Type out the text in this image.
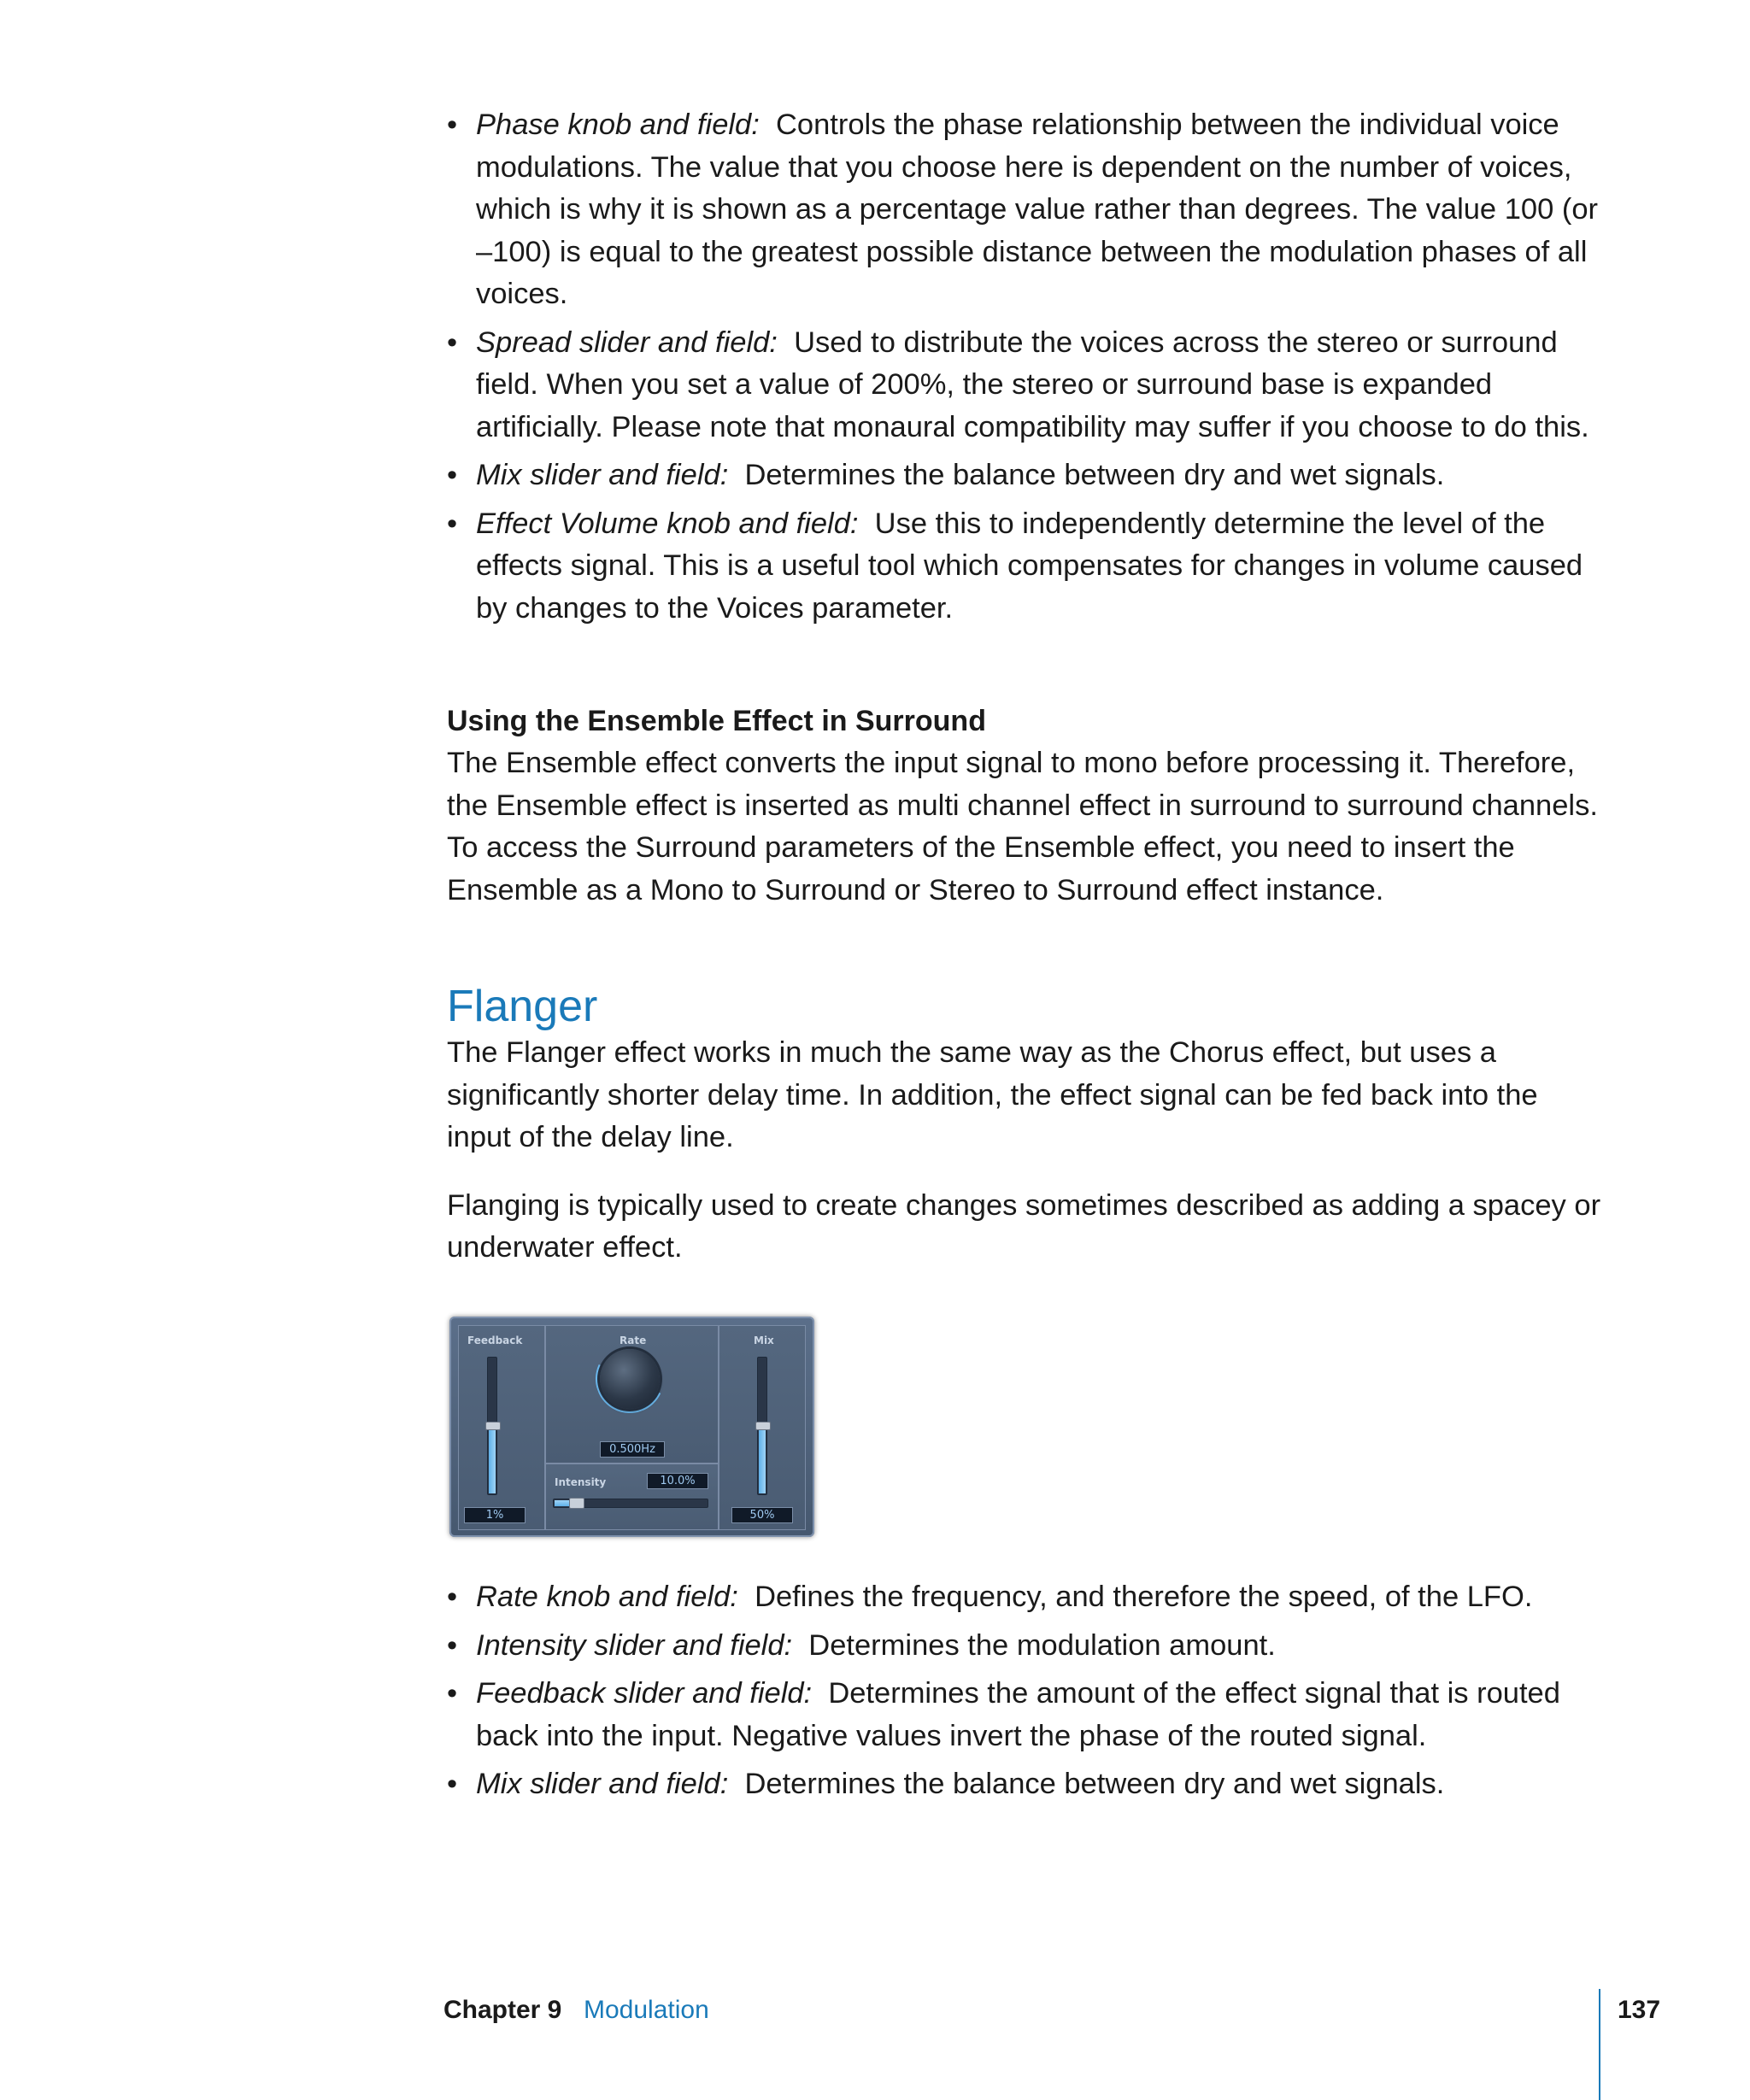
• Phase knob and field: Controls the phase relationship between the individual voice modulations. The value that you choose here is dependent on the number of voices, which is why it is shown as a percentage value rather than degrees. The value 100 (or –100) is equal to the greatest possible distance between the modulation phases of all voices.
• Spread slider and field: Used to distribute the voices across the stereo or surround field. When you set a value of 200%, the stereo or surround base is expanded artificially. Please note that monaural compatibility may suffer if you choose to do this.
• Mix slider and field: Determines the balance between dry and wet signals.
• Effect Volume knob and field: Use this to independently determine the level of the effects signal. This is a useful tool which compensates for changes in volume caused by changes to the Voices parameter.

Using the Ensemble Effect in Surround

The Ensemble effect converts the input signal to mono before processing it. Therefore, the Ensemble effect is inserted as multi channel effect in surround to surround channels. To access the Surround parameters of the Ensemble effect, you need to insert the Ensemble as a Mono to Surround or Stereo to Surround effect instance.

Flanger

The Flanger effect works in much the same way as the Chorus effect, but uses a significantly shorter delay time. In addition, the effect signal can be fed back into the input of the delay line.

Flanging is typically used to create changes sometimes described as adding a spacey or underwater effect.

Feedback
1%
Rate
0.500Hz
Intensity	10.0%
Mix
50%
• Rate knob and field: Defines the frequency, and therefore the speed, of the LFO.
• Intensity slider and field: Determines the modulation amount.
• Feedback slider and field: Determines the amount of the effect signal that is routed back into the input. Negative values invert the phase of the routed signal.
• Mix slider and field: Determines the balance between dry and wet signals.
Chapter 9 Modulation	137
